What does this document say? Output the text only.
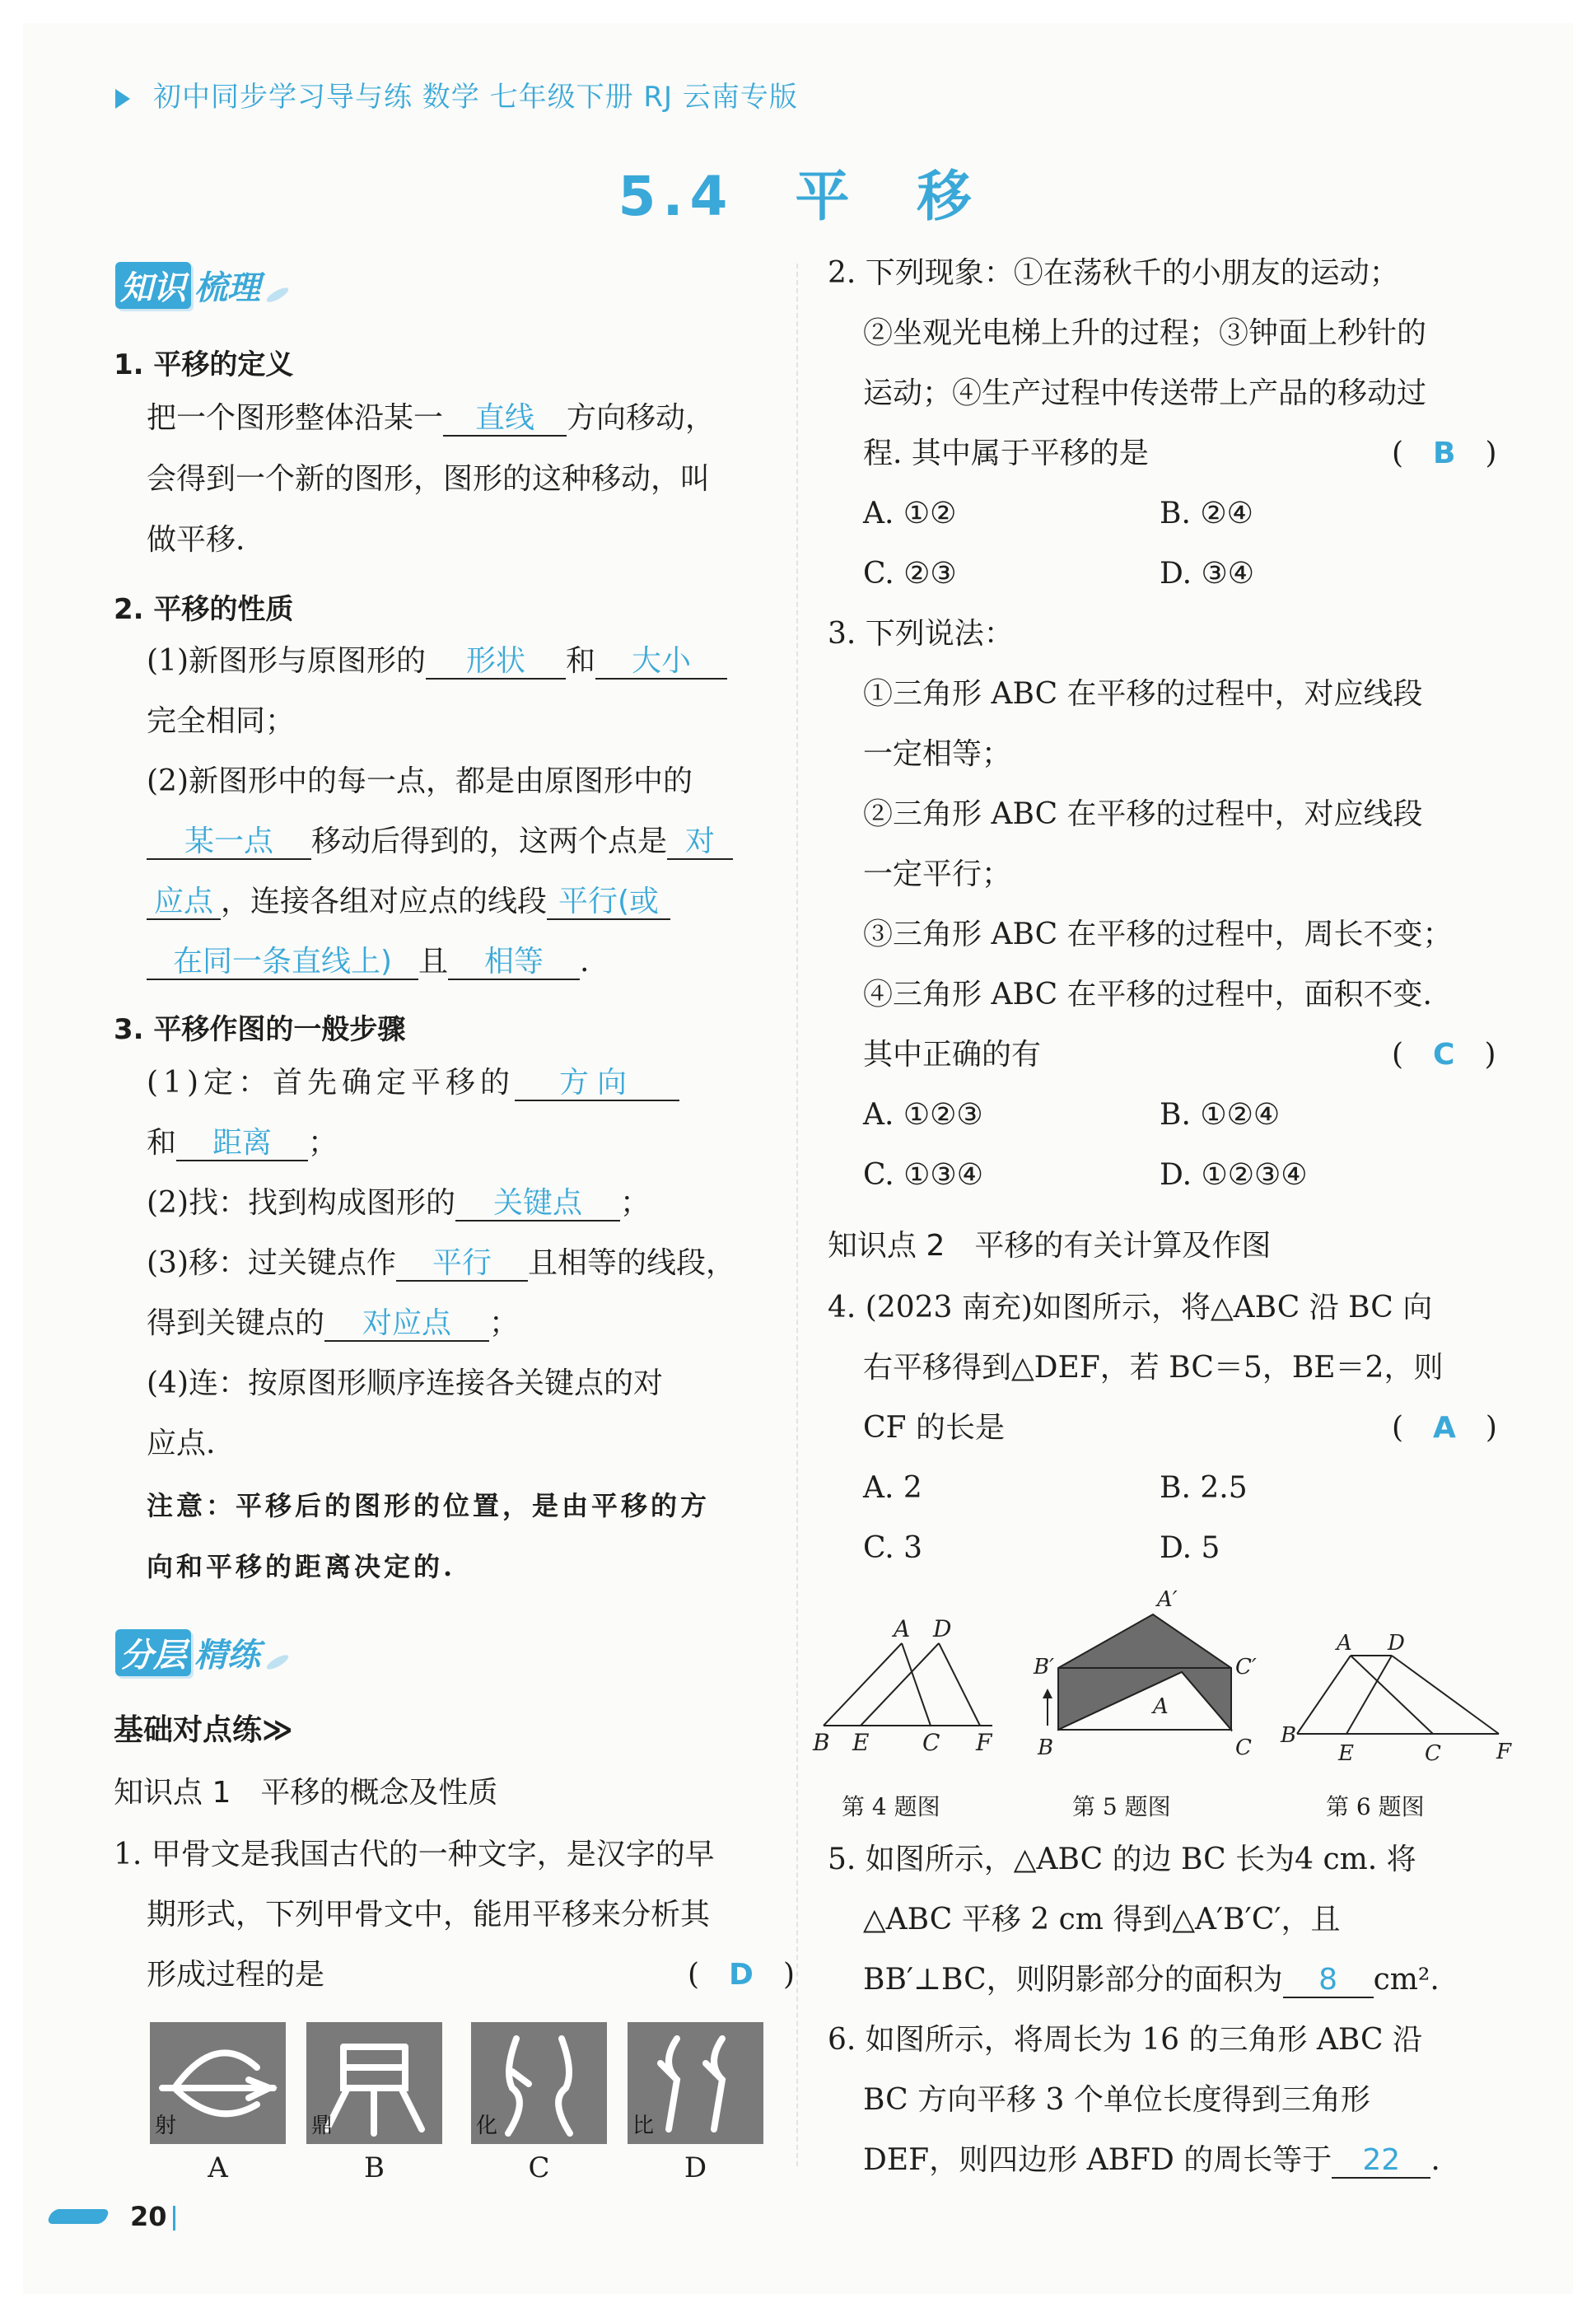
初中同步学习导与练 数学 七年级下册 RJ 云南专版
5.4　平　移
知识 梳理
1. 平移的定义
把一个图形整体沿某一 直线 方向移动，
会得到一个新的图形，图形的这种移动，叫
做平移.
2. 平移的性质
(1)新图形与原图形的 形状 和 大小
完全相同；
(2)新图形中的每一点，都是由原图形中的
某一点 移动后得到的，这两个点是 对
应点 ，连接各组对应点的线段 平行(或
在同一条直线上) 且 相等 .
3. 平移作图的一般步骤
(1)定：首先确定平移的 方向
和 距离 ；
(2)找：找到构成图形的 关键点 ；
(3)移：过关键点作 平行 且相等的线段，
得到关键点的 对应点 ；
(4)连：按原图形顺序连接各关键点的对
应点.
注意：平移后的图形的位置，是由平移的方
向和平移的距离决定的.
分层 精练
基础对点练≫
知识点 1　平移的概念及性质
1. 甲骨文是我国古代的一种文字，是汉字的早
期形式，下列甲骨文中，能用平移来分析其
形成过程的是	(　D　)
射	鼎	化	比
A	B	C	D
2. 下列现象：①在荡秋千的小朋友的运动；
②坐观光电梯上升的过程；③钟面上秒针的
运动；④生产过程中传送带上产品的移动过
程. 其中属于平移的是	(　B　)
A. ①②	B. ②④
C. ②③	D. ③④
3. 下列说法：
①三角形 ABC 在平移的过程中，对应线段
一定相等；
②三角形 ABC 在平移的过程中，对应线段
一定平行；
③三角形 ABC 在平移的过程中，周长不变；
④三角形 ABC 在平移的过程中，面积不变.
其中正确的有	(　C　)
A. ①②③	B. ①②④
C. ①③④	D. ①②③④
知识点 2　平移的有关计算及作图
4. (2023 南充)如图所示，将△ABC 沿 BC 向
右平移得到△DEF，若 BC＝5，BE＝2，则
CF 的长是	(　A　)
A. 2	B. 2.5
C. 3	D. 5
A D
B E C F
A′
B′	C′
A
B	C
A D
B
E	C	F
第 4 题图	第 5 题图	第 6 题图
5. 如图所示，△ABC 的边 BC 长为4 cm. 将
△ABC 平移 2 cm 得到△A′B′C′，且
BB′⊥BC，则阴影部分的面积为 8 cm².
6. 如图所示，将周长为 16 的三角形 ABC 沿
BC 方向平移 3 个单位长度得到三角形
DEF，则四边形 ABFD 的周长等于 22 .
20
